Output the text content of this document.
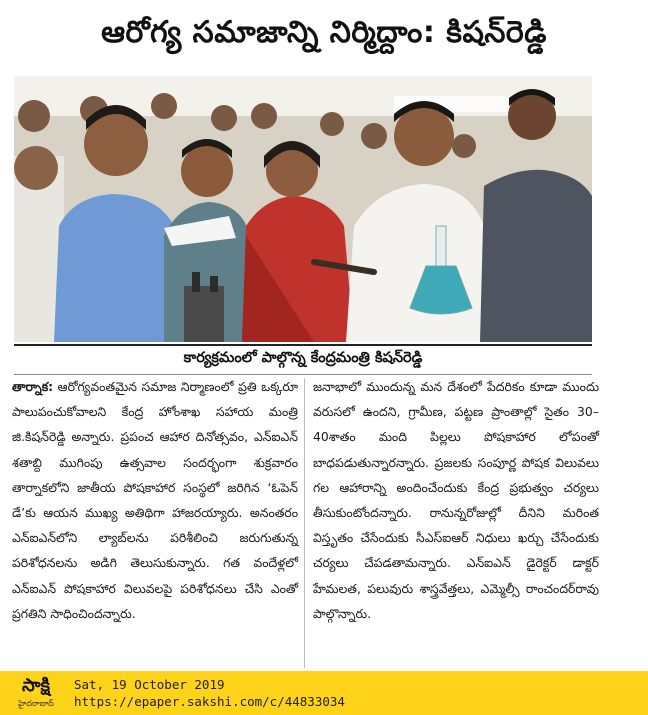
ఆరోగ్య సమాజాన్ని నిర్మిద్దాం: కిషన్‌రెడ్డి
కార్యక్రమంలో పాల్గొన్న కేంద్రమంత్రి కిషన్‌రెడ్డి

తార్నాక: ఆరోగ్యవంతమైన సమాజ నిర్మాణంలో ప్రతి ఒక్కరూ పాలుపంచుకోవాలని కేంద్ర హోంశాఖ సహాయ మంత్రి జి.కిషన్‌రెడ్డి అన్నారు. ప్రపంచ ఆహార దినోత్సవం, ఎన్‌ఐఎన్ శతాబ్ది ముగింపు ఉత్సవాల సందర్భంగా శుక్రవారం తార్నాకలోని జాతీయ పోషకాహార సంస్థలో జరిగిన ‘ఓపెన్ డే’కు ఆయన ముఖ్య అతిథిగా హాజరయ్యారు. అనంతరం ఎన్‌ఐఎన్‌లోని ల్యాబ్‌లను పరిశీలించి జరుగుతున్న పరిశోధనలను అడిగి తెలుసుకున్నారు. గత వందేళ్లలో ఎన్‌ఐఎన్ పోషకాహార విలువలపై పరిశోధనలు చేసి ఎంతో ప్రగతిని సాధించిందన్నారు.

జనాభాలో ముందున్న మన దేశంలో పేదరికం కూడా ముందు వరుసలో ఉందని, గ్రామీణ, పట్టణ ప్రాంతాల్లో సైతం 30–40శాతం మంది పిల్లలు పోషకాహార లోపంతో బాధపడుతున్నారన్నారు. ప్రజలకు సంపూర్ణ పోషక విలువలు గల ఆహారాన్ని అందించేందుకు కేంద్ర ప్రభుత్వం చర్యలు తీసుకుంటోందన్నారు. రానున్నరోజుల్లో దీనిని మరింత విస్తృతం చేసేందుకు సీఎస్‌ఐఆర్ నిధులు ఖర్చు చేసేందుకు చర్యలు చేపడతామన్నారు. ఎన్‌ఐఎన్ డైరెక్టర్ డాక్టర్ హేమలత, పలువురు శాస్త్రవేత్తలు, ఎమ్మెల్సీ రాంచందర్‌రావు పాల్గొన్నారు.

సాక్షి
హైదరాబాద్
Sat, 19 October 2019
https://epaper.sakshi.com/c/44833034
